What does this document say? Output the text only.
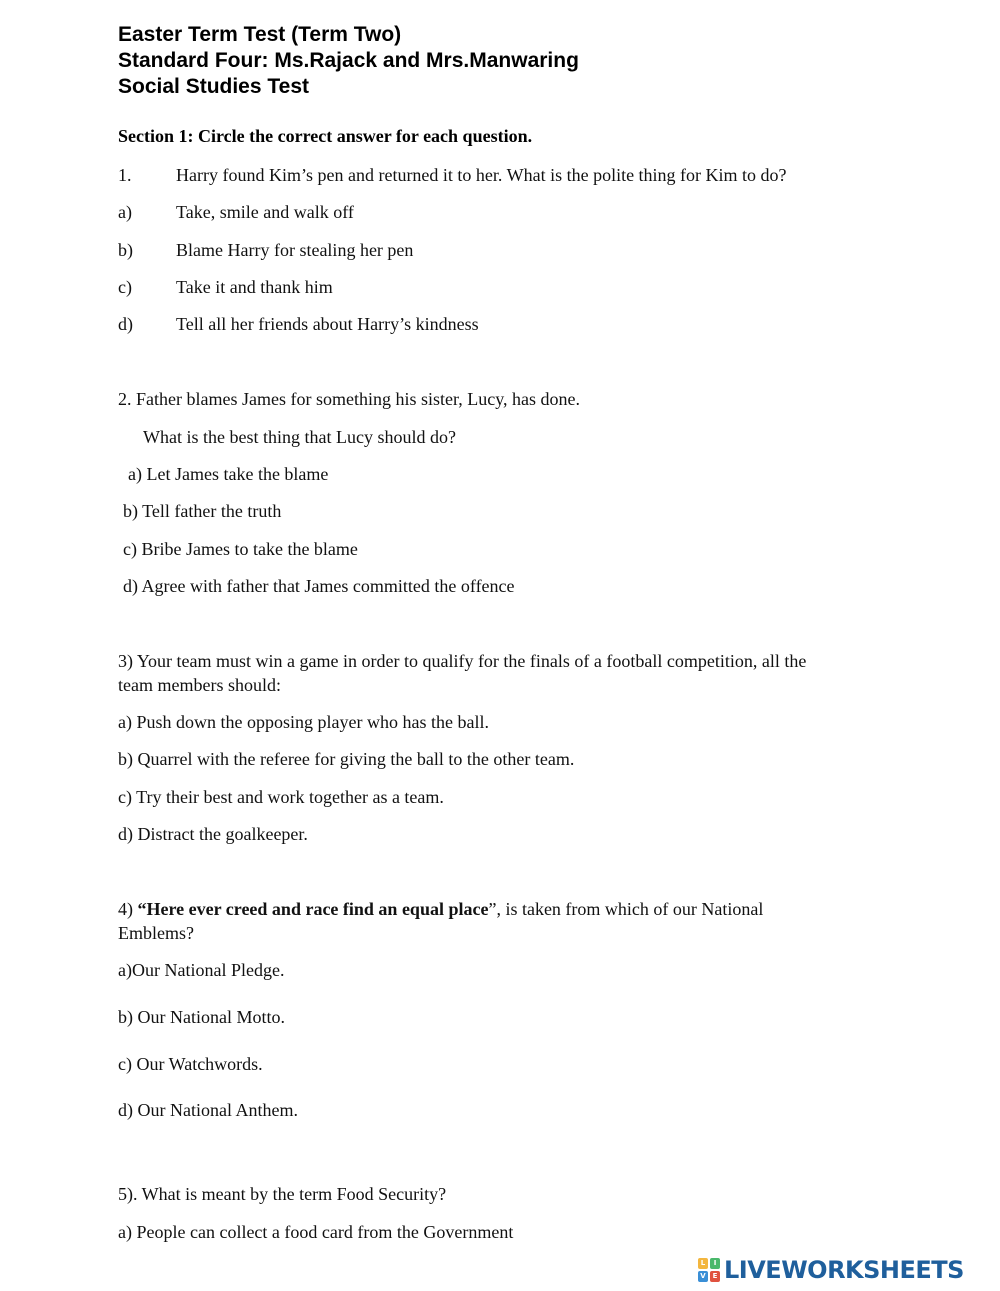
Easter Term Test (Term Two)
Standard Four: Ms.Rajack and Mrs.Manwaring
Social Studies Test
Section 1: Circle the correct answer for each question.
1. Harry found Kim’s pen and returned it to her. What is the polite thing for Kim to do?
a) Take, smile and walk off
b) Blame Harry for stealing her pen
c) Take it and thank him
d) Tell all her friends about Harry’s kindness
2. Father blames James for something his sister, Lucy, has done.
What is the best thing that Lucy should do?
a) Let James take the blame
b) Tell father the truth
c) Bribe James to take the blame
d) Agree with father that James committed the offence
3) Your team must win a game in order to qualify for the finals of a football competition, all the
team members should:
a) Push down the opposing player who has the ball.
b) Quarrel with the referee for giving the ball to the other team.
c) Try their best and work together as a team.
d) Distract the goalkeeper.
4) “Here ever creed and race find an equal place”, is taken from which of our National
Emblems?
a)Our National Pledge.
b) Our National Motto.
c) Our Watchwords.
d) Our National Anthem.
5). What is meant by the term Food Security?
a) People can collect a food card from the Government
L	I
V E LIVEWORKSHEETS
